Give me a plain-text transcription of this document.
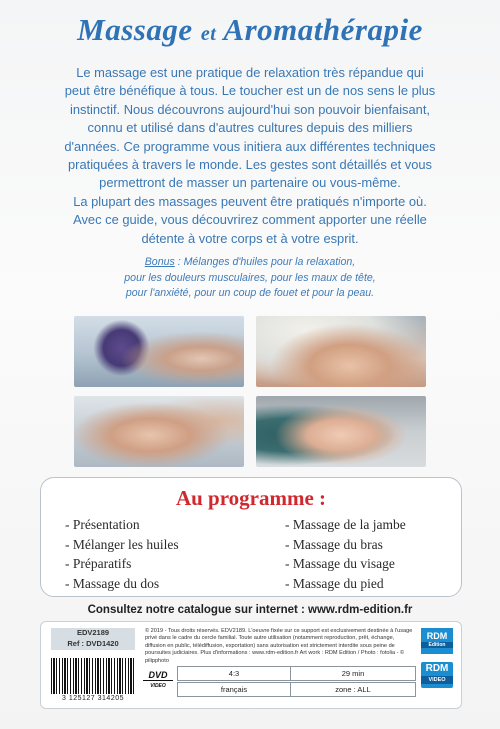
Massage et Aromathérapie
Le massage est une pratique de relaxation très répandue qui
peut être bénéfique à tous. Le toucher est un de nos sens le plus
instinctif. Nous découvrons aujourd'hui son pouvoir bienfaisant,
connu et utilisé dans d'autres cultures depuis des milliers
d'années. Ce programme vous initiera aux différentes techniques
pratiquées à travers le monde. Les gestes sont détaillés et vous
permettront de masser un partenaire ou vous-même.
La plupart des massages peuvent être pratiqués n'importe où.
Avec ce guide, vous découvrirez comment apporter une réelle
détente à votre corps et à votre esprit.
Bonus : Mélanges d'huiles pour la relaxation,
pour les douleurs musculaires, pour les maux de tête,
pour l'anxiété, pour un coup de fouet et pour la peau.
Au programme :
- Présentation
- Mélanger les huiles
- Préparatifs
- Massage du dos
- Massage de la jambe
- Massage du bras
- Massage du visage
- Massage du pied
Consultez notre catalogue sur internet : www.rdm-edition.fr
EDV2189
Ref : DVD1420
3 125127 314205
© 2019 - Tous droits réservés. EDV2189. L'oeuvre fixée sur ce support est exclusivement destinée à l'usage privé dans le cadre du cercle familial. Toute autre utilisation (notamment reproduction, prêt, échange, diffusion en public, télédiffusion, exportation) sans autorisation est strictement interdite sous peine de poursuites judiciaires. Plus d'informations : www.rdm-edition.fr Art work : RDM Edition / Photo : fotolia - © pilipphoto
DVD
VIDEO
4:3	29 min
français	zone : ALL
RDM
Edition
RDM
VIDEO
